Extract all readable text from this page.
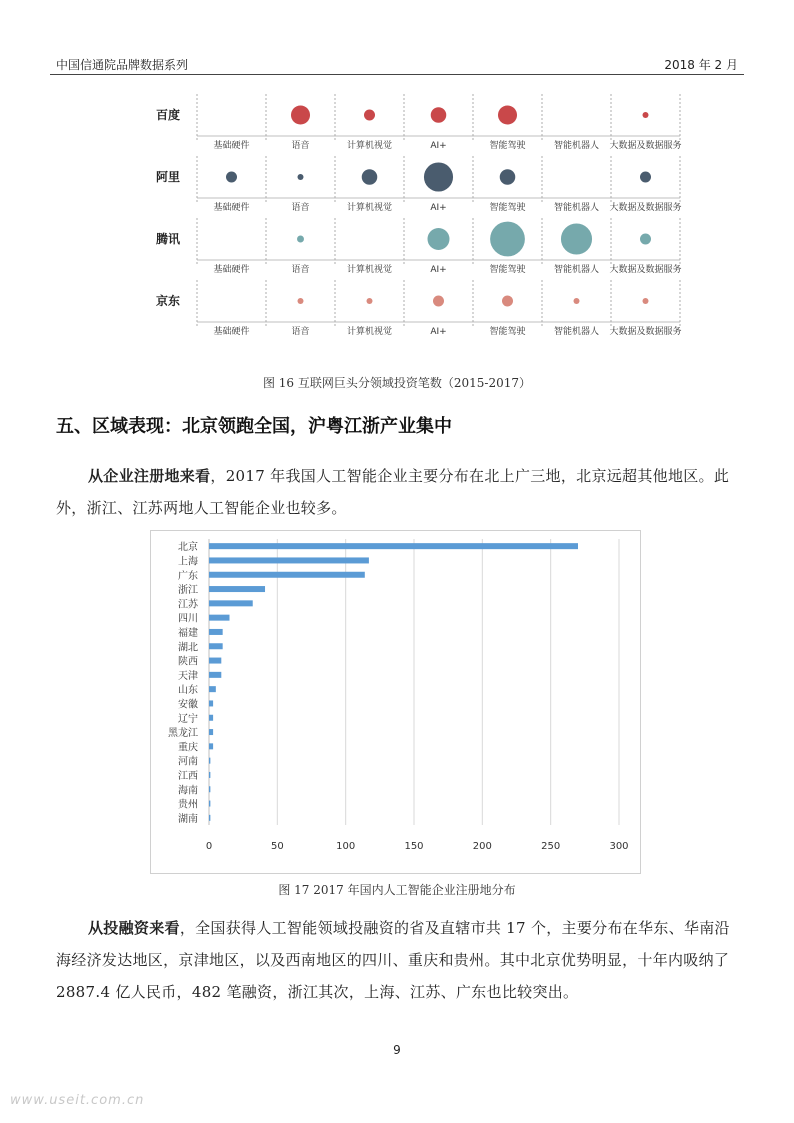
中国信通院品牌数据系列	2018 年 2 月
百度
基础硬件	语音	计算机视觉	AI+	智能驾驶	智能机器人 大数据及数据服务
阿里
基础硬件	语音	计算机视觉	AI+	智能驾驶	智能机器人 大数据及数据服务
腾讯
基础硬件	语音	计算机视觉	AI+	智能驾驶	智能机器人 大数据及数据服务
京东
基础硬件	语音	计算机视觉	AI+	智能驾驶	智能机器人 大数据及数据服务
图 16 互联网巨头分领域投资笔数（2015-2017）
五、区域表现：北京领跑全国，沪粤江浙产业集中
从企业注册地来看，2017 年我国人工智能企业主要分布在北上广三地，北京远超其他地区。此外，浙江、江苏两地人工智能企业也较多。
0	50	100	150	200	250	300
北京
上海
广东
浙江
江苏
四川
福建
湖北
陕西
天津
山东
安徽
辽宁
黑龙江
重庆
河南
江西
海南
贵州
湖南
图 17 2017 年国内人工智能企业注册地分布
从投融资来看，全国获得人工智能领域投融资的省及直辖市共 17 个，主要分布在华东、华南沿海经济发达地区，京津地区，以及西南地区的四川、重庆和贵州。其中北京优势明显，十年内吸纳了 2887.4 亿人民币，482 笔融资，浙江其次，上海、江苏、广东也比较突出。
9
www.useit.com.cn
